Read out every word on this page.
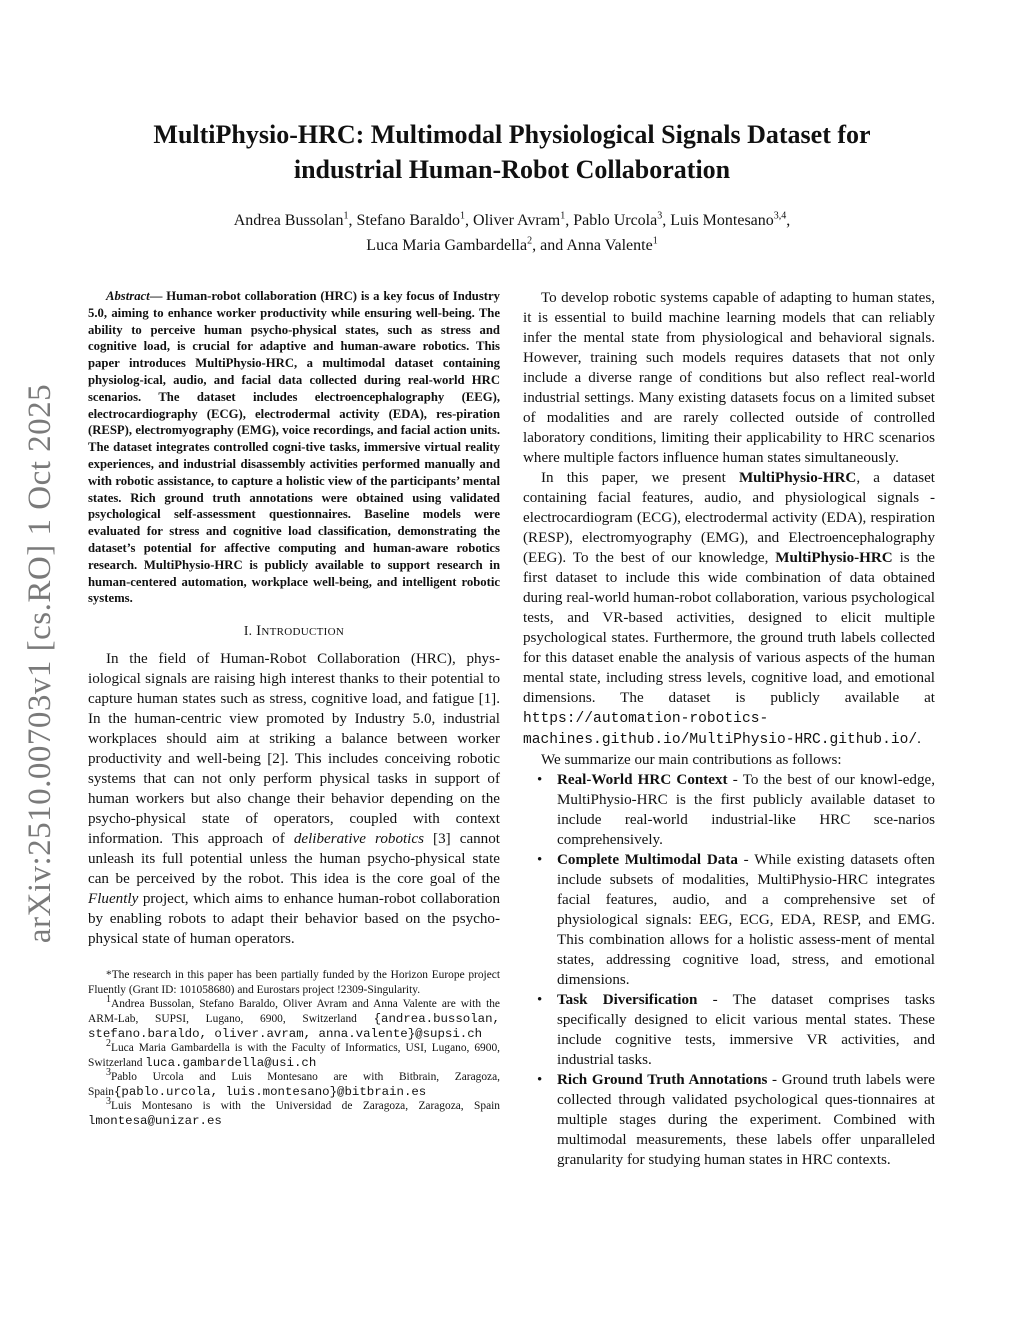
arXiv:2510.00703v1 [cs.RO] 1 Oct 2025
MultiPhysio-HRC: Multimodal Physiological Signals Dataset for
industrial Human-Robot Collaboration
Andrea Bussolan$^1$, Stefano Baraldo$^1$, Oliver Avram$^1$, Pablo Urcola$^3$, Luis Montesano$^{3,4}$,
Luca Maria Gambardella$^2$, and Anna Valente$^1$

Abstract— Human-robot collaboration (HRC) is a key focus of Industry 5.0, aiming to enhance worker productivity while ensuring well-being. The ability to perceive human psycho-physical states, such as stress and cognitive load, is crucial for adaptive and human-aware robotics. This paper introduces MultiPhysio-HRC, a multimodal dataset containing physiolog-ical, audio, and facial data collected during real-world HRC scenarios. The dataset includes electroencephalography (EEG), electrocardiography (ECG), electrodermal activity (EDA), res-piration (RESP), electromyography (EMG), voice recordings, and facial action units. The dataset integrates controlled cogni-tive tasks, immersive virtual reality experiences, and industrial disassembly activities performed manually and with robotic assistance, to capture a holistic view of the participants’ mental states. Rich ground truth annotations were obtained using validated psychological self-assessment questionnaires. Baseline models were evaluated for stress and cognitive load classification, demonstrating the dataset’s potential for affective computing and human-aware robotics research. MultiPhysio-HRC is publicly available to support research in human-centered automation, workplace well-being, and intelligent robotic systems.

I. Introduction

In the field of Human-Robot Collaboration (HRC), phys-iological signals are raising high interest thanks to their potential to capture human states such as stress, cognitive load, and fatigue [1]. In the human-centric view promoted by Industry 5.0, industrial workplaces should aim at striking a balance between worker productivity and well-being [2]. This includes conceiving robotic systems that can not only perform physical tasks in support of human workers but also change their behavior depending on the psycho-physical state of operators, coupled with context information. This approach of deliberative robotics [3] cannot unleash its full potential unless the human psycho-physical state can be perceived by the robot. This idea is the core goal of the Fluently project, which aims to enhance human-robot collaboration by enabling robots to adapt their behavior based on the psycho-physical state of human operators.

*The research in this paper has been partially funded by the Horizon Europe project Fluently (Grant ID: 101058680) and Eurostars project !2309-Singularity.

$^1$Andrea Bussolan, Stefano Baraldo, Oliver Avram and Anna Valente are with the ARM-Lab, SUPSI, Lugano, 6900, Switzerland {andrea.bussolan, stefano.baraldo, oliver.avram, anna.valente}@supsi.ch

$^2$Luca Maria Gambardella is with the Faculty of Informatics, USI, Lugano, 6900, Switzerland luca.gambardella@usi.ch

$^3$Pablo Urcola and Luis Montesano are with Bitbrain, Zaragoza, Spain{pablo.urcola, luis.montesano}@bitbrain.es

$^3$Luis Montesano is with the Universidad de Zaragoza, Zaragoza, Spain lmontesa@unizar.es

To develop robotic systems capable of adapting to human states, it is essential to build machine learning models that can reliably infer the mental state from physiological and behavioral signals. However, training such models requires datasets that not only include a diverse range of conditions but also reflect real-world industrial settings. Many existing datasets focus on a limited subset of modalities and are rarely collected outside of controlled laboratory conditions, limiting their applicability to HRC scenarios where multiple factors influence human states simultaneously.

In this paper, we present MultiPhysio-HRC, a dataset containing facial features, audio, and physiological signals - electrocardiogram (ECG), electrodermal activity (EDA), respiration (RESP), electromyography (EMG), and Electroencephalography (EEG). To the best of our knowledge, MultiPhysio-HRC is the first dataset to include this wide combination of data obtained during real-world human-robot collaboration, various psychological tests, and VR-based activities, designed to elicit multiple psychological states. Furthermore, the ground truth labels collected for this dataset enable the analysis of various aspects of the human mental state, including stress levels, cognitive load, and emotional dimensions. The dataset is publicly available at https://automation-robotics-machines.github.io/MultiPhysio-HRC.github.io/.

We summarize our main contributions as follows:

• Real-World HRC Context - To the best of our knowl-edge, MultiPhysio-HRC is the first publicly available dataset to include real-world industrial-like HRC sce-narios comprehensively.
• Complete Multimodal Data - While existing datasets often include subsets of modalities, MultiPhysio-HRC integrates facial features, audio, and a comprehensive set of physiological signals: EEG, ECG, EDA, RESP, and EMG. This combination allows for a holistic assess-ment of mental states, addressing cognitive load, stress, and emotional dimensions.
• Task Diversification - The dataset comprises tasks specifically designed to elicit various mental states. These include cognitive tests, immersive VR activities, and industrial tasks.
• Rich Ground Truth Annotations - Ground truth labels were collected through validated psychological ques-tionnaires at multiple stages during the experiment. Combined with multimodal measurements, these labels offer unparalleled granularity for studying human states in HRC contexts.
